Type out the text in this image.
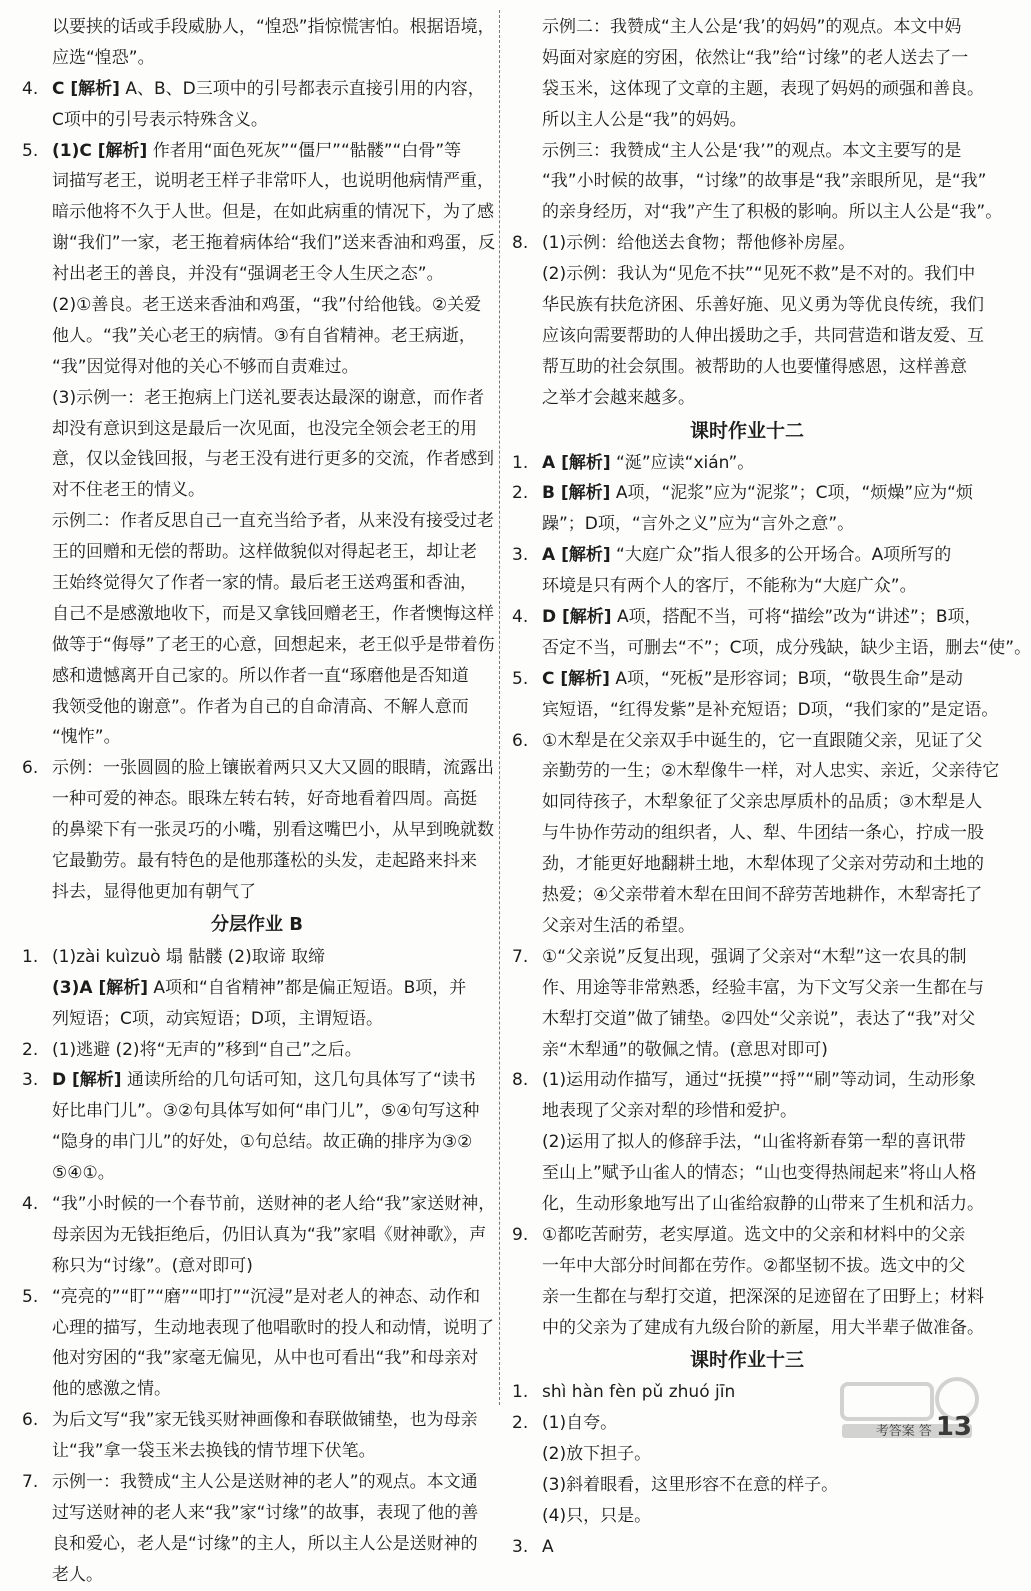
以要挟的话或手段威胁人，“惶恐”指惊慌害怕。根据语境，
应选“惶恐”。
4. C [解析] A、B、D三项中的引号都表示直接引用的内容，
C项中的引号表示特殊含义。
5. (1)C [解析] 作者用“面色死灰”“僵尸”“骷髅”“白骨”等
词描写老王，说明老王样子非常吓人，也说明他病情严重，
暗示他将不久于人世。但是，在如此病重的情况下，为了感
谢“我们”一家，老王拖着病体给“我们”送来香油和鸡蛋，反
衬出老王的善良，并没有“强调老王令人生厌之态”。
(2)①善良。老王送来香油和鸡蛋，“我”付给他钱。②关爱
他人。“我”关心老王的病情。③有自省精神。老王病逝，
“我”因觉得对他的关心不够而自责难过。
(3)示例一：老王抱病上门送礼要表达最深的谢意，而作者
却没有意识到这是最后一次见面，也没完全领会老王的用
意，仅以金钱回报，与老王没有进行更多的交流，作者感到
对不住老王的情义。
示例二：作者反思自己一直充当给予者，从来没有接受过老
王的回赠和无偿的帮助。这样做貌似对得起老王，却让老
王始终觉得欠了作者一家的情。最后老王送鸡蛋和香油，
自己不是感激地收下，而是又拿钱回赠老王，作者懊悔这样
做等于“侮辱”了老王的心意，回想起来，老王似乎是带着伤
感和遗憾离开自己家的。所以作者一直“琢磨他是否知道
我领受他的谢意”。作者为自己的自命清高、不解人意而
“愧怍”。
6. 示例：一张圆圆的脸上镶嵌着两只又大又圆的眼睛，流露出
一种可爱的神态。眼珠左转右转，好奇地看着四周。高挺
的鼻梁下有一张灵巧的小嘴，别看这嘴巴小，从早到晚就数
它最勤劳。最有特色的是他那蓬松的头发，走起路来抖来
抖去，显得他更加有朝气了
分层作业 B
1. (1)zài kuìzuò 塌 骷髅 (2)取谛 取缔
(3)A [解析] A项和“自省精神”都是偏正短语。B项，并
列短语；C项，动宾短语；D项，主谓短语。
2. (1)逃避 (2)将“无声的”移到“自己”之后。
3. D [解析] 通读所给的几句话可知，这几句具体写了“读书
好比串门儿”。③②句具体写如何“串门儿”，⑤④句写这种
“隐身的串门儿”的好处，①句总结。故正确的排序为③②
⑤④①。
4. “我”小时候的一个春节前，送财神的老人给“我”家送财神，
母亲因为无钱拒绝后，仍旧认真为“我”家唱《财神歌》，声
称只为“讨缘”。(意对即可)
5. “亮亮的”“盯”“磨”“叩打”“沉浸”是对老人的神态、动作和
心理的描写，生动地表现了他唱歌时的投人和动情，说明了
他对穷困的“我”家毫无偏见，从中也可看出“我”和母亲对
他的感激之情。
6. 为后文写“我”家无钱买财神画像和春联做铺垫，也为母亲
让“我”拿一袋玉米去换钱的情节埋下伏笔。
7. 示例一：我赞成“主人公是送财神的老人”的观点。本文通
过写送财神的老人来“我”家“讨缘”的故事，表现了他的善
良和爱心，老人是“讨缘”的主人，所以主人公是送财神的
老人。
示例二：我赞成“主人公是‘我’的妈妈”的观点。本文中妈
妈面对家庭的穷困，依然让“我”给“讨缘”的老人送去了一
袋玉米，这体现了文章的主题，表现了妈妈的顽强和善良。
所以主人公是“我”的妈妈。
示例三：我赞成“主人公是‘我’”的观点。本文主要写的是
“我”小时候的故事，“讨缘”的故事是“我”亲眼所见，是“我”
的亲身经历，对“我”产生了积极的影响。所以主人公是“我”。
8. (1)示例：给他送去食物；帮他修补房屋。
(2)示例：我认为“见危不扶”“见死不救”是不对的。我们中
华民族有扶危济困、乐善好施、见义勇为等优良传统，我们
应该向需要帮助的人伸出援助之手，共同营造和谐友爱、互
帮互助的社会氛围。被帮助的人也要懂得感恩，这样善意
之举才会越来越多。
课时作业十二
1. A [解析] “涎”应读“xián”。
2. B [解析] A项，“泥浆”应为“泥浆”；C项，“烦燥”应为“烦
躁”；D项，“言外之义”应为“言外之意”。
3. A [解析] “大庭广众”指人很多的公开场合。A项所写的
环境是只有两个人的客厅，不能称为“大庭广众”。
4. D [解析] A项，搭配不当，可将“描绘”改为“讲述”；B项，
否定不当，可删去“不”；C项，成分残缺，缺少主语，删去“使”。
5. C [解析] A项，“死板”是形容词；B项，“敬畏生命”是动
宾短语，“红得发紫”是补充短语；D项，“我们家的”是定语。
6. ①木犁是在父亲双手中诞生的，它一直跟随父亲，见证了父
亲勤劳的一生；②木犁像牛一样，对人忠实、亲近，父亲待它
如同待孩子，木犁象征了父亲忠厚质朴的品质；③木犁是人
与牛协作劳动的组织者，人、犁、牛团结一条心，拧成一股
劲，才能更好地翻耕土地，木犁体现了父亲对劳动和土地的
热爱；④父亲带着木犁在田间不辞劳苦地耕作，木犁寄托了
父亲对生活的希望。
7. ①“父亲说”反复出现，强调了父亲对“木犁”这一农具的制
作、用途等非常熟悉，经验丰富，为下文写父亲一生都在与
木犁打交道”做了铺垫。②四处“父亲说”，表达了“我”对父
亲“木犁通”的敬佩之情。(意思对即可)
8. (1)运用动作描写，通过“抚摸”“捋”“刷”等动词，生动形象
地表现了父亲对犁的珍惜和爱护。
(2)运用了拟人的修辞手法，“山雀将新春第一犁的喜讯带
至山上”赋予山雀人的情态；“山也变得热闹起来”将山人格
化，生动形象地写出了山雀给寂静的山带来了生机和活力。
9. ①都吃苦耐劳，老实厚道。选文中的父亲和材料中的父亲
一年中大部分时间都在劳作。②都坚韧不拔。选文中的父
亲一生都在与犁打交道，把深深的足迹留在了田野上；材料
中的父亲为了建成有九级台阶的新屋，用大半辈子做准备。
课时作业十三
1. shì hàn fèn pǔ zhuó jīn
2. (1)自夸。
(2)放下担子。
(3)斜着眼看，这里形容不在意的样子。
(4)只，只是。
3. A
考答案 答 13
